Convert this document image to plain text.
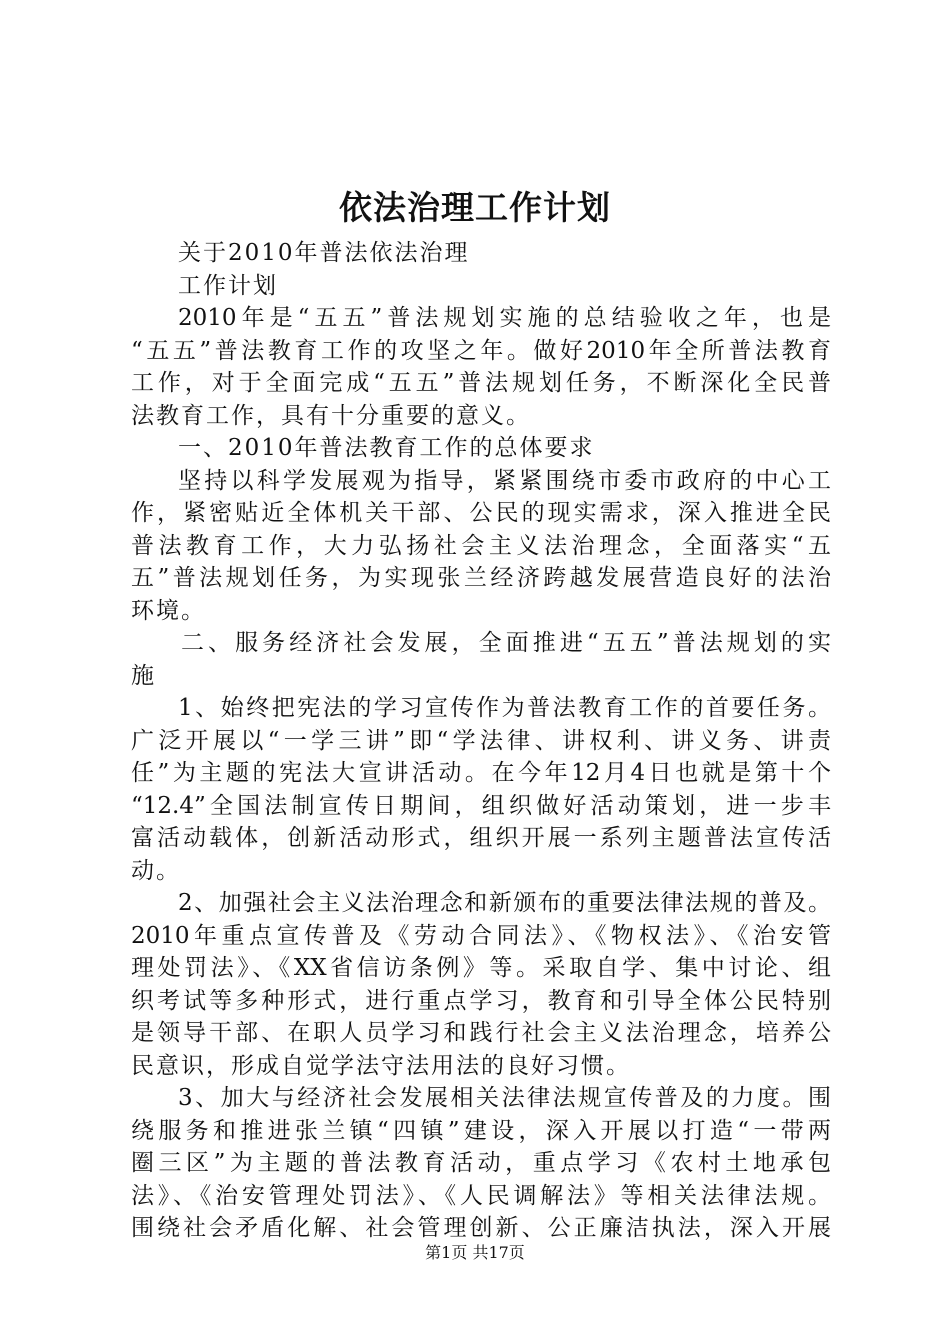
依法治理工作计划
关于2010年普法依法治理
工作计划
2010年是“五五”普法规划实施的总结验收之年，也是
“五五”普法教育工作的攻坚之年。做好2010年全所普法教育
工作，对于全面完成“五五”普法规划任务，不断深化全民普
法教育工作，具有十分重要的意义。
一、2010年普法教育工作的总体要求
坚持以科学发展观为指导，紧紧围绕市委市政府的中心工
作，紧密贴近全体机关干部、公民的现实需求，深入推进全民
普法教育工作，大力弘扬社会主义法治理念，全面落实“五
五”普法规划任务，为实现张兰经济跨越发展营造良好的法治
环境。
二、服务经济社会发展，全面推进“五五”普法规划的实
施
1、始终把宪法的学习宣传作为普法教育工作的首要任务。
广泛开展以“一学三讲”即“学法律、讲权利、讲义务、讲责
任”为主题的宪法大宣讲活动。在今年12月4日也就是第十个
“12.4”全国法制宣传日期间，组织做好活动策划，进一步丰
富活动载体，创新活动形式，组织开展一系列主题普法宣传活
动。
2、加强社会主义法治理念和新颁布的重要法律法规的普及。
2010年重点宣传普及《劳动合同法》、《物权法》、《治安管
理处罚法》、《XX省信访条例》等。采取自学、集中讨论、组
织考试等多种形式，进行重点学习，教育和引导全体公民特别
是领导干部、在职人员学习和践行社会主义法治理念，培养公
民意识，形成自觉学法守法用法的良好习惯。
3、加大与经济社会发展相关法律法规宣传普及的力度。围
绕服务和推进张兰镇“四镇”建设，深入开展以打造“一带两
圈三区”为主题的普法教育活动，重点学习《农村土地承包
法》、《治安管理处罚法》、《人民调解法》等相关法律法规。
围绕社会矛盾化解、社会管理创新、公正廉洁执法，深入开展
第1页 共17页
